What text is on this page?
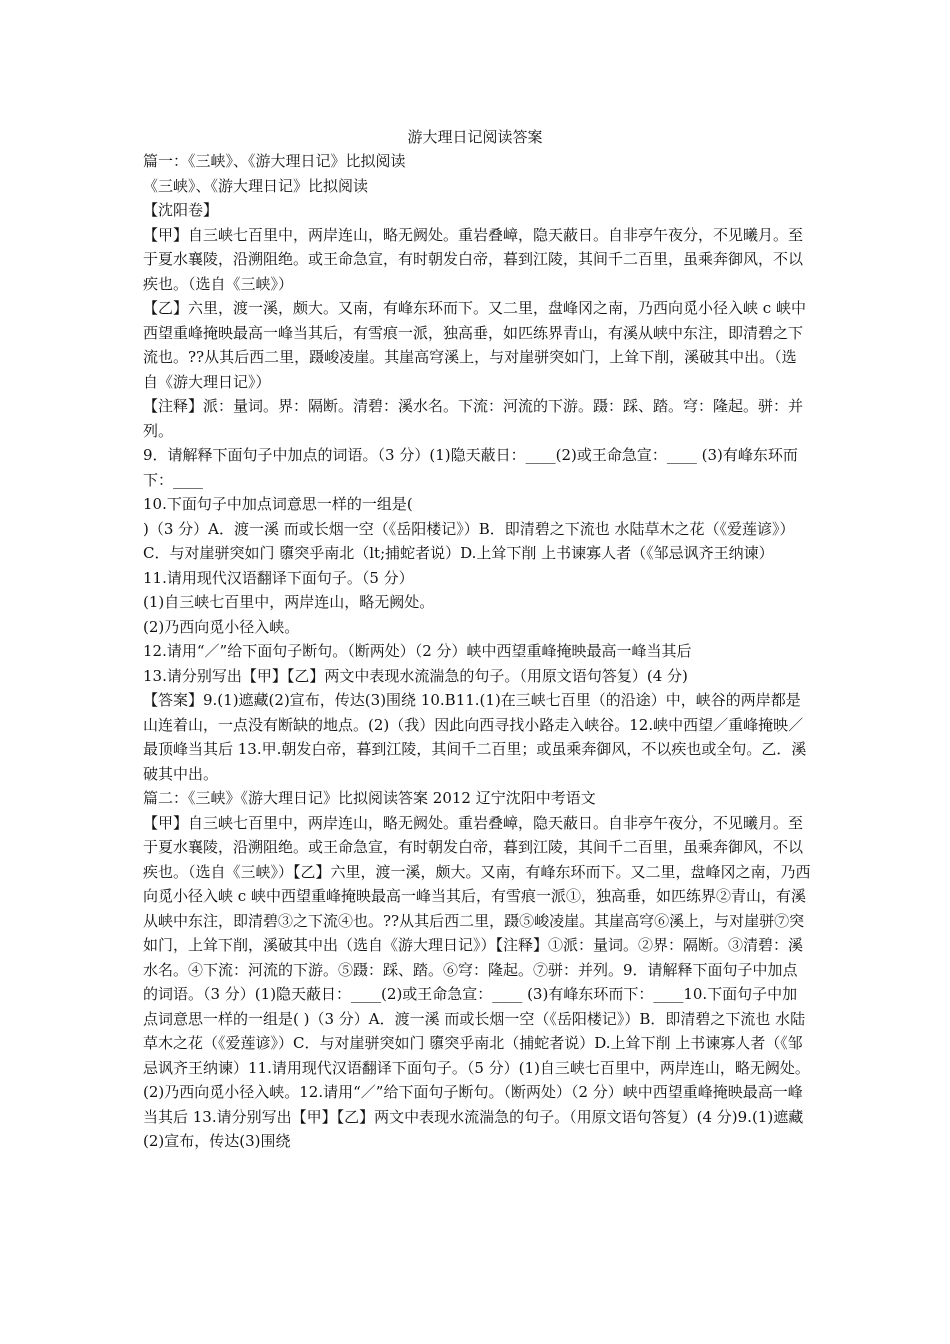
游大理日记阅读答案

篇一：《三峡》、《游大理日记》比拟阅读

《三峡》、《游大理日记》比拟阅读

【沈阳卷】

【甲】自三峡七百里中，两岸连山，略无阙处。重岩叠嶂，隐天蔽日。自非亭午夜分，不见曦月。至于夏水襄陵，沿溯阻绝。或王命急宣，有时朝发白帝，暮到江陵，其间千二百里，虽乘奔御风，不以疾也。（选自《三峡》）

【乙】六里，渡一溪，颇大。又南，有峰东环而下。又二里，盘峰冈之南，乃西向觅小径入峡 c 峡中西望重峰掩映最高一峰当其后，有雪痕一派，独高垂，如匹练界青山，有溪从峡中东注，即清碧之下流也。??从其后西二里，蹑峻凌崖。其崖高穹溪上，与对崖骈突如门，上耸下削，溪破其中出。（选自《游大理日记》）

【注释】派：量词。界：隔断。清碧：溪水名。下流：河流的下游。蹑：踩、踏。穹：隆起。骈：并列。

9．请解释下面句子中加点的词语。（3 分）(1)隐天蔽日：____(2)或王命急宣：____ (3)有峰东环而下：____

10.下面句子中加点词意思一样的一组是(

)（3 分）A．渡一溪 而或长烟一空（《岳阳楼记》）B．即清碧之下流也 水陆草木之花（《爱莲谚》）C．与对崖骈突如门 隳突乎南北（lt;捕蛇者说）D.上耸下削 上书谏寡人者（《邹忌讽齐王纳谏）

11.请用现代汉语翻译下面句子。（5 分）

(1)自三峡七百里中，两岸连山，略无阙处。

(2)乃西向觅小径入峡。

12.请用“／”给下面句子断句。（断两处）（2 分）峡中西望重峰掩映最高一峰当其后

13.请分别写出【甲】【乙】两文中表现水流湍急的句子。（用原文语句答复）(4 分)

【答案】9.(1)遮藏(2)宣布，传达(3)围绕 10.B11.(1)在三峡七百里（的沿途）中，峡谷的两岸都是山连着山，一点没有断缺的地点。(2)（我）因此向西寻找小路走入峡谷。12.峡中西望／重峰掩映／最顶峰当其后 13.甲.朝发白帝，暮到江陵，其间千二百里；或虽乘奔御风，不以疾也或全句。乙．溪破其中出。

篇二：《三峡》《游大理日记》比拟阅读答案 2012 辽宁沈阳中考语文

【甲】自三峡七百里中，两岸连山，略无阙处。重岩叠嶂，隐天蔽日。自非亭午夜分，不见曦月。至于夏水襄陵，沿溯阻绝。或王命急宣，有时朝发白帝，暮到江陵，其间千二百里，虽乘奔御风，不以疾也。（选自《三峡》）【乙】六里，渡一溪，颇大。又南，有峰东环而下。又二里，盘峰冈之南，乃西向觅小径入峡 c 峡中西望重峰掩映最高一峰当其后，有雪痕一派①，独高垂，如匹练界②青山，有溪从峡中东注，即清碧③之下流④也。??从其后西二里，蹑⑤峻凌崖。其崖高穹⑥溪上，与对崖骈⑦突如门，上耸下削，溪破其中出（选自《游大理日记》）【注释】①派：量词。②界：隔断。③清碧：溪水名。④下流：河流的下游。⑤蹑：踩、踏。⑥穹：隆起。⑦骈：并列。9．请解释下面句子中加点的词语。（3 分）(1)隐天蔽日：____(2)或王命急宣：____ (3)有峰东环而下：____10.下面句子中加点词意思一样的一组是( )（3 分）A．渡一溪 而或长烟一空（《岳阳楼记》）B．即清碧之下流也 水陆草木之花（《爱莲谚》）C．与对崖骈突如门 隳突乎南北（捕蛇者说）D.上耸下削 上书谏寡人者（《邹忌讽齐王纳谏）11.请用现代汉语翻译下面句子。（5 分）(1)自三峡七百里中，两岸连山，略无阙处。(2)乃西向觅小径入峡。12.请用“／”给下面句子断句。（断两处）（2 分）峡中西望重峰掩映最高一峰当其后 13.请分别写出【甲】【乙】两文中表现水流湍急的句子。（用原文语句答复）(4 分)9.(1)遮藏(2)宣布，传达(3)围绕
